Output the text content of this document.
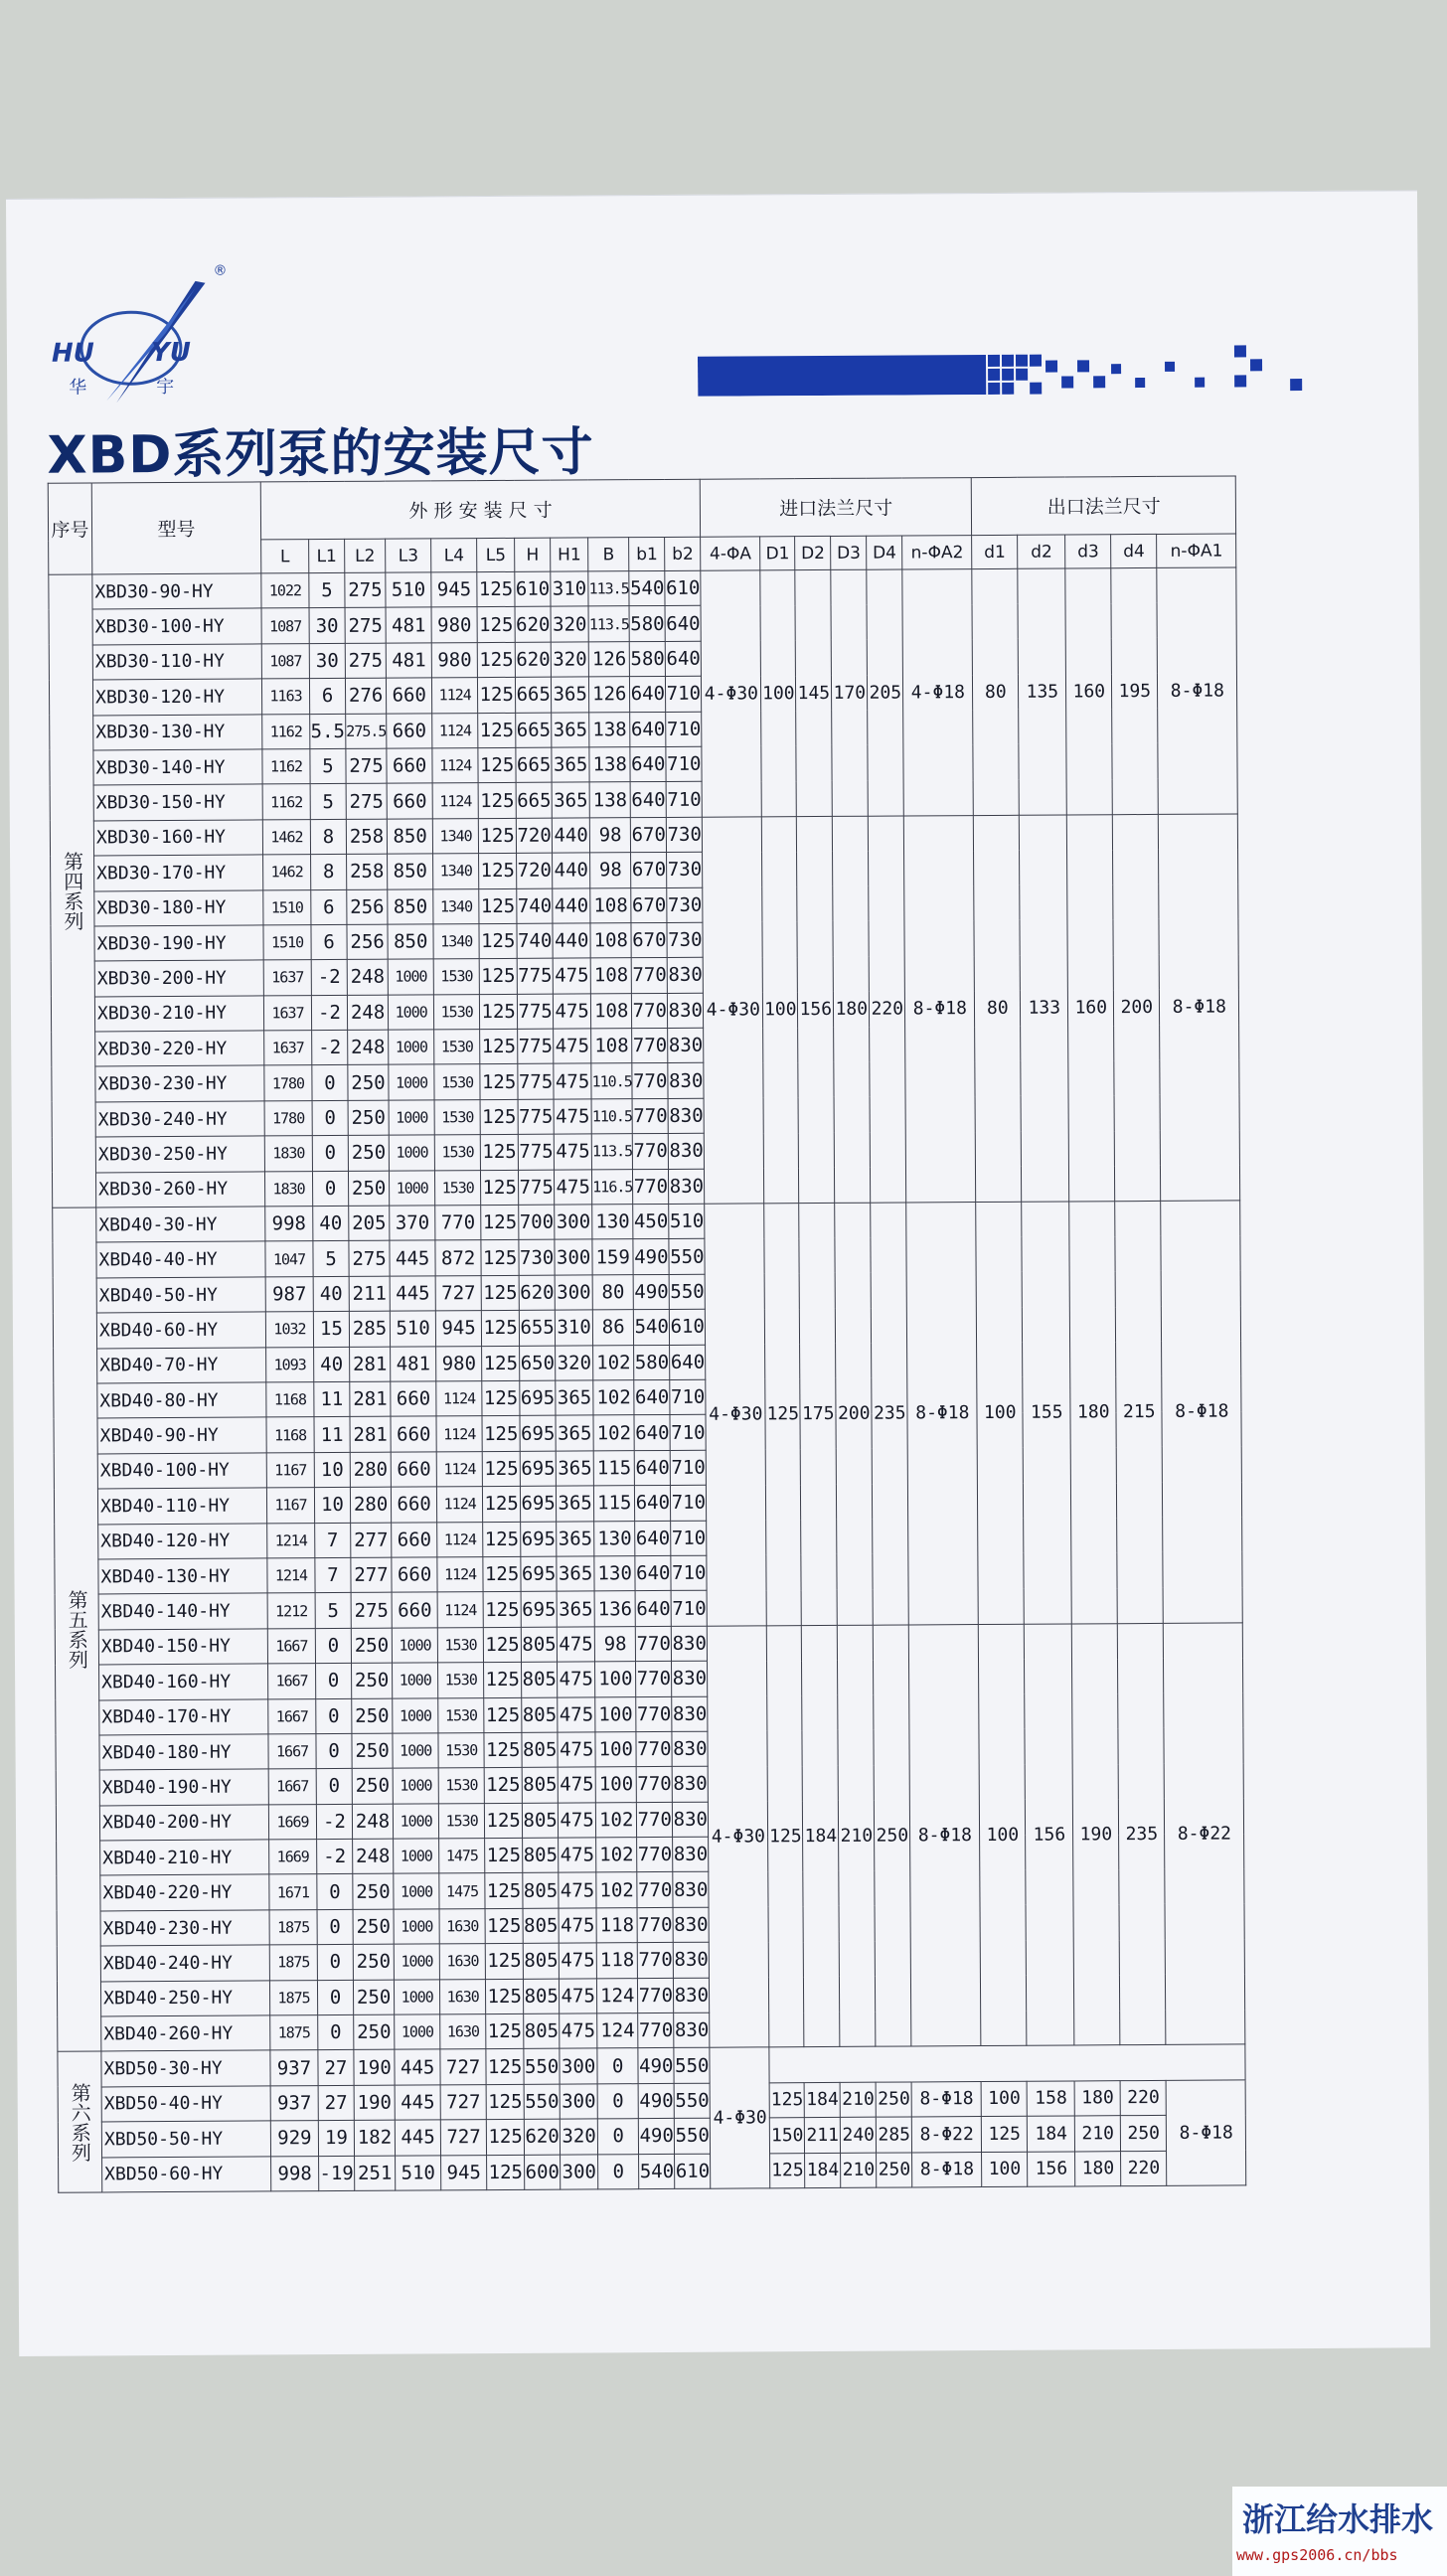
®
HU YU
华	宇
XBD系列泵的安装尺寸
序号	型号	外 形 安 装 尺 寸											进口法兰尺寸						出口法兰尺寸				
		L	L1	L2	L3	L4	L5	H	H1	B	b1	b2	4-ΦA	D1	D2	D3	D4	n-ΦA2	d1	d2	d3	d4	n-ΦA1
第四系列	XBD30-90-HY	1022	5	275	510	945	125	610	310	113.5	540	610	4-Φ30	100	145	170	205	4-Φ18	80	135	160	195	8-Φ18
	XBD30-100-HY	1087	30	275	481	980	125	620	320	113.5	580	640											
	XBD30-110-HY	1087	30	275	481	980	125	620	320	126	580	640											
	XBD30-120-HY	1163	6	276	660	1124	125	665	365	126	640	710											
	XBD30-130-HY	1162	5.5	275.5	660	1124	125	665	365	138	640	710											
	XBD30-140-HY	1162	5	275	660	1124	125	665	365	138	640	710											
	XBD30-150-HY	1162	5	275	660	1124	125	665	365	138	640	710											
	XBD30-160-HY	1462	8	258	850	1340	125	720	440	98	670	730	4-Φ30	100	156	180	220	8-Φ18	80	133	160	200	8-Φ18
	XBD30-170-HY	1462	8	258	850	1340	125	720	440	98	670	730											
	XBD30-180-HY	1510	6	256	850	1340	125	740	440	108	670	730											
	XBD30-190-HY	1510	6	256	850	1340	125	740	440	108	670	730											
	XBD30-200-HY	1637	-2	248	1000	1530	125	775	475	108	770	830											
	XBD30-210-HY	1637	-2	248	1000	1530	125	775	475	108	770	830											
	XBD30-220-HY	1637	-2	248	1000	1530	125	775	475	108	770	830											
	XBD30-230-HY	1780	0	250	1000	1530	125	775	475	110.5	770	830											
	XBD30-240-HY	1780	0	250	1000	1530	125	775	475	110.5	770	830											
	XBD30-250-HY	1830	0	250	1000	1530	125	775	475	113.5	770	830											
	XBD30-260-HY	1830	0	250	1000	1530	125	775	475	116.5	770	830											
第五系列	XBD40-30-HY	998	40	205	370	770	125	700	300	130	450	510	4-Φ30	125	175	200	235	8-Φ18	100	155	180	215	8-Φ18
	XBD40-40-HY	1047	5	275	445	872	125	730	300	159	490	550											
	XBD40-50-HY	987	40	211	445	727	125	620	300	80	490	550											
	XBD40-60-HY	1032	15	285	510	945	125	655	310	86	540	610											
	XBD40-70-HY	1093	40	281	481	980	125	650	320	102	580	640											
	XBD40-80-HY	1168	11	281	660	1124	125	695	365	102	640	710											
	XBD40-90-HY	1168	11	281	660	1124	125	695	365	102	640	710											
	XBD40-100-HY	1167	10	280	660	1124	125	695	365	115	640	710											
	XBD40-110-HY	1167	10	280	660	1124	125	695	365	115	640	710											
	XBD40-120-HY	1214	7	277	660	1124	125	695	365	130	640	710											
	XBD40-130-HY	1214	7	277	660	1124	125	695	365	130	640	710											
	XBD40-140-HY	1212	5	275	660	1124	125	695	365	136	640	710											
	XBD40-150-HY	1667	0	250	1000	1530	125	805	475	98	770	830	4-Φ30	125	184	210	250	8-Φ18	100	156	190	235	8-Φ22
	XBD40-160-HY	1667	0	250	1000	1530	125	805	475	100	770	830											
	XBD40-170-HY	1667	0	250	1000	1530	125	805	475	100	770	830											
	XBD40-180-HY	1667	0	250	1000	1530	125	805	475	100	770	830											
	XBD40-190-HY	1667	0	250	1000	1530	125	805	475	100	770	830											
	XBD40-200-HY	1669	-2	248	1000	1530	125	805	475	102	770	830											
	XBD40-210-HY	1669	-2	248	1000	1475	125	805	475	102	770	830											
	XBD40-220-HY	1671	0	250	1000	1475	125	805	475	102	770	830											
	XBD40-230-HY	1875	0	250	1000	1630	125	805	475	118	770	830											
	XBD40-240-HY	1875	0	250	1000	1630	125	805	475	118	770	830											
	XBD40-250-HY	1875	0	250	1000	1630	125	805	475	124	770	830											
	XBD40-260-HY	1875	0	250	1000	1630	125	805	475	124	770	830											
第六系列	XBD50-30-HY	937	27	190	445	727	125	550	300	0	490	550	4-Φ30										
	XBD50-40-HY	937	27	190	445	727	125	550	300	0	490	550		125	184	210	250	8-Φ18	100	158	180	220	8-Φ18
	XBD50-50-HY	929	19	182	445	727	125	620	320	0	490	550		150	211	240	285	8-Φ22	125	184	210	250	
	XBD50-60-HY	998	-19	251	510	945	125	600	300	0	540	610		125	184	210	250	8-Φ18	100	156	180	220	
浙江给水排水
www.gps2006.cn/bbs
